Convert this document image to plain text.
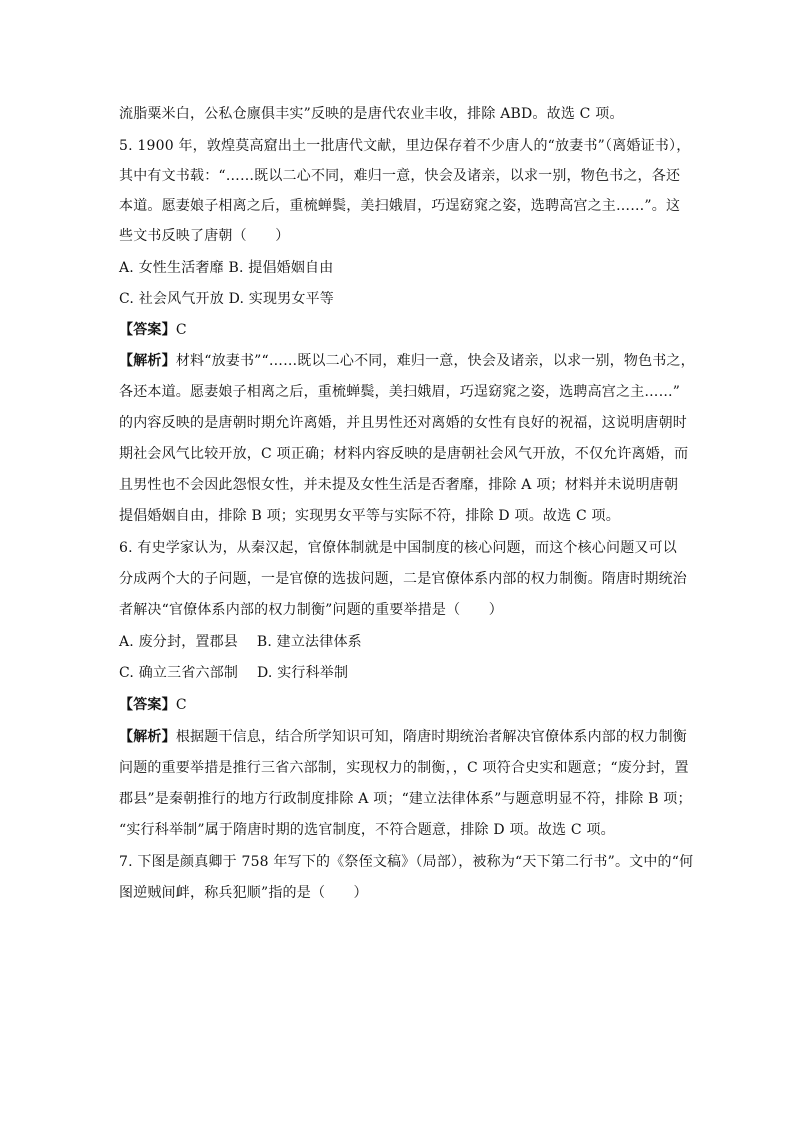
流脂粟米白，公私仓廪俱丰实”反映的是唐代农业丰收，排除 ABD。故选 C 项。
5. 1900 年，敦煌莫高窟出土一批唐代文献，里边保存着不少唐人的“放妻书”（离婚证书），
其中有文书载：“……既以二心不同，难归一意，快会及诸亲，以求一别，物色书之，各还
本道。愿妻娘子相离之后，重梳蝉鬓，美扫娥眉，巧逞窈窕之姿，选聘高宫之主……”。这
些文书反映了唐朝（　　）
A. 女性生活奢靡 B. 提倡婚姻自由
C. 社会风气开放 D. 实现男女平等
【答案】C
【解析】材料“放妻书”“……既以二心不同，难归一意，快会及诸亲，以求一别，物色书之，
各还本道。愿妻娘子相离之后，重梳蝉鬓，美扫娥眉，巧逞窈窕之姿，选聘高宫之主……”
的内容反映的是唐朝时期允许离婚，并且男性还对离婚的女性有良好的祝福，这说明唐朝时
期社会风气比较开放，C 项正确；材料内容反映的是唐朝社会风气开放，不仅允许离婚，而
且男性也不会因此怨恨女性，并未提及女性生活是否奢靡，排除 A 项；材料并未说明唐朝
提倡婚姻自由，排除 B 项；实现男女平等与实际不符，排除 D 项。故选 C 项。
6. 有史学家认为，从秦汉起，官僚体制就是中国制度的核心问题，而这个核心问题又可以
分成两个大的子问题，一是官僚的选拔问题，二是官僚体系内部的权力制衡。隋唐时期统治
者解决“官僚体系内部的权力制衡”问题的重要举措是（　　）
A. 废分封，置郡县　 B. 建立法律体系
C. 确立三省六部制　 D. 实行科举制
【答案】C
【解析】根据题干信息，结合所学知识可知，隋唐时期统治者解决官僚体系内部的权力制衡
问题的重要举措是推行三省六部制，实现权力的制衡，，C 项符合史实和题意；“废分封，置
郡县”是秦朝推行的地方行政制度排除 A 项；“建立法律体系”与题意明显不符，排除 B 项；
“实行科举制”属于隋唐时期的选官制度，不符合题意，排除 D 项。故选 C 项。
7. 下图是颜真卿于 758 年写下的《祭侄文稿》（局部），被称为“天下第二行书”。文中的“何
图逆贼间衅，称兵犯顺”指的是（　　）
